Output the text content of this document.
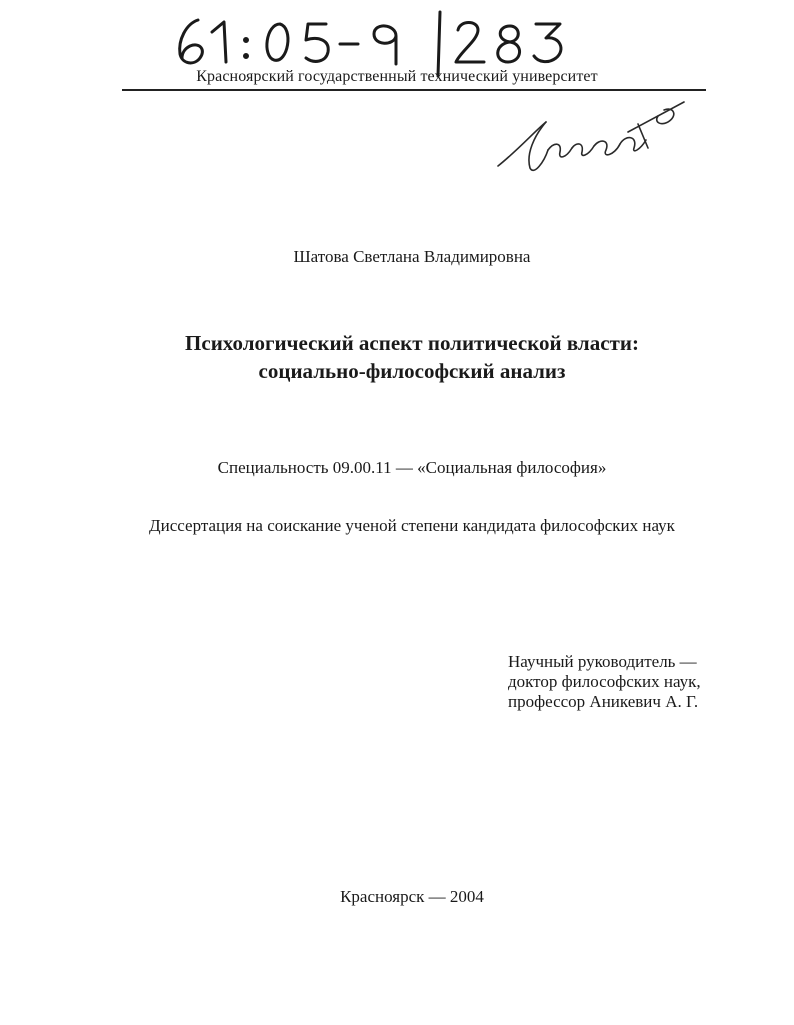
Красноярский государственный технический университет
Шатова Светлана Владимировна
Психологический аспект политической власти:
социально-философский анализ
Специальность 09.00.11 — «Социальная философия»
Диссертация на соискание ученой степени кандидата философских наук
Научный руководитель —
доктор философских наук,
профессор Аникевич А. Г.
Красноярск — 2004
